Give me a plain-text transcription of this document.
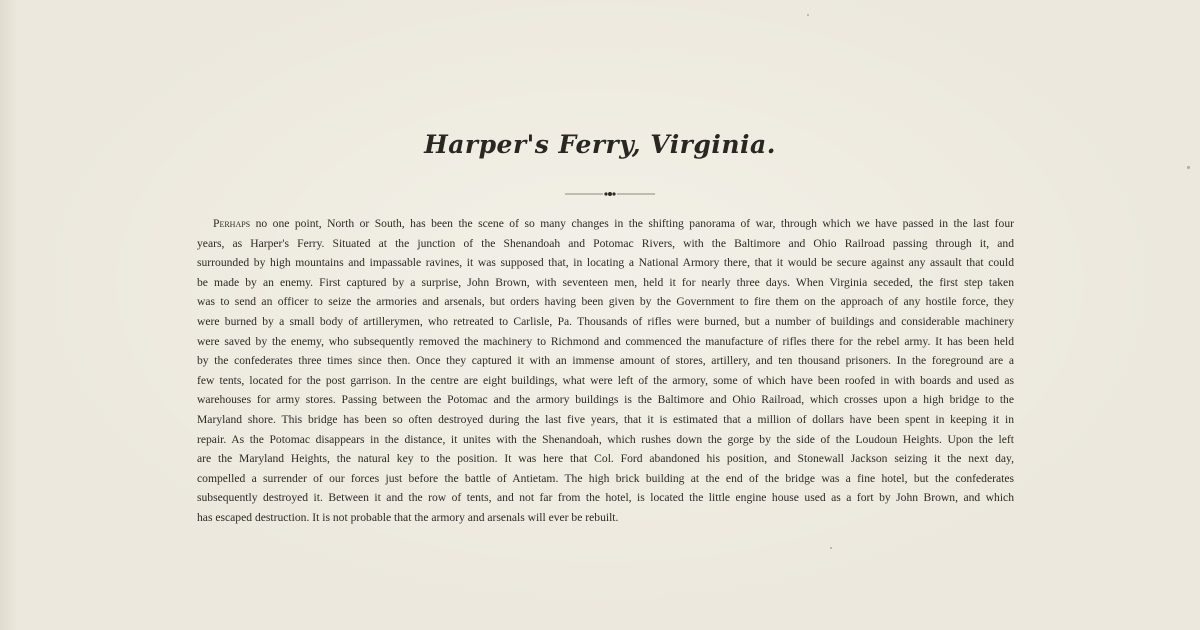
Harper's Ferry, Virginia.
Perhaps no one point, North or South, has been the scene of so many changes in the shifting panorama of war, through which we have passed in the last four
years, as Harper's Ferry. Situated at the junction of the Shenandoah and Potomac Rivers, with the Baltimore and Ohio Railroad passing through it, and
surrounded by high mountains and impassable ravines, it was supposed that, in locating a National Armory there, that it would be secure against any assault that could
be made by an enemy. First captured by a surprise, John Brown, with seventeen men, held it for nearly three days. When Virginia seceded, the first step taken
was to send an officer to seize the armories and arsenals, but orders having been given by the Government to fire them on the approach of any hostile force, they
were burned by a small body of artillerymen, who retreated to Carlisle, Pa. Thousands of rifles were burned, but a number of buildings and considerable machinery
were saved by the enemy, who subsequently removed the machinery to Richmond and commenced the manufacture of rifles there for the rebel army. It has been held
by the confederates three times since then. Once they captured it with an immense amount of stores, artillery, and ten thousand prisoners. In the foreground are a
few tents, located for the post garrison. In the centre are eight buildings, what were left of the armory, some of which have been roofed in with boards and used as
warehouses for army stores. Passing between the Potomac and the armory buildings is the Baltimore and Ohio Railroad, which crosses upon a high bridge to the
Maryland shore. This bridge has been so often destroyed during the last five years, that it is estimated that a million of dollars have been spent in keeping it in
repair. As the Potomac disappears in the distance, it unites with the Shenandoah, which rushes down the gorge by the side of the Loudoun Heights. Upon the left
are the Maryland Heights, the natural key to the position. It was here that Col. Ford abandoned his position, and Stonewall Jackson seizing it the next day,
compelled a surrender of our forces just before the battle of Antietam. The high brick building at the end of the bridge was a fine hotel, but the confederates
subsequently destroyed it. Between it and the row of tents, and not far from the hotel, is located the little engine house used as a fort by John Brown, and which
has escaped destruction. It is not probable that the armory and arsenals will ever be rebuilt.
